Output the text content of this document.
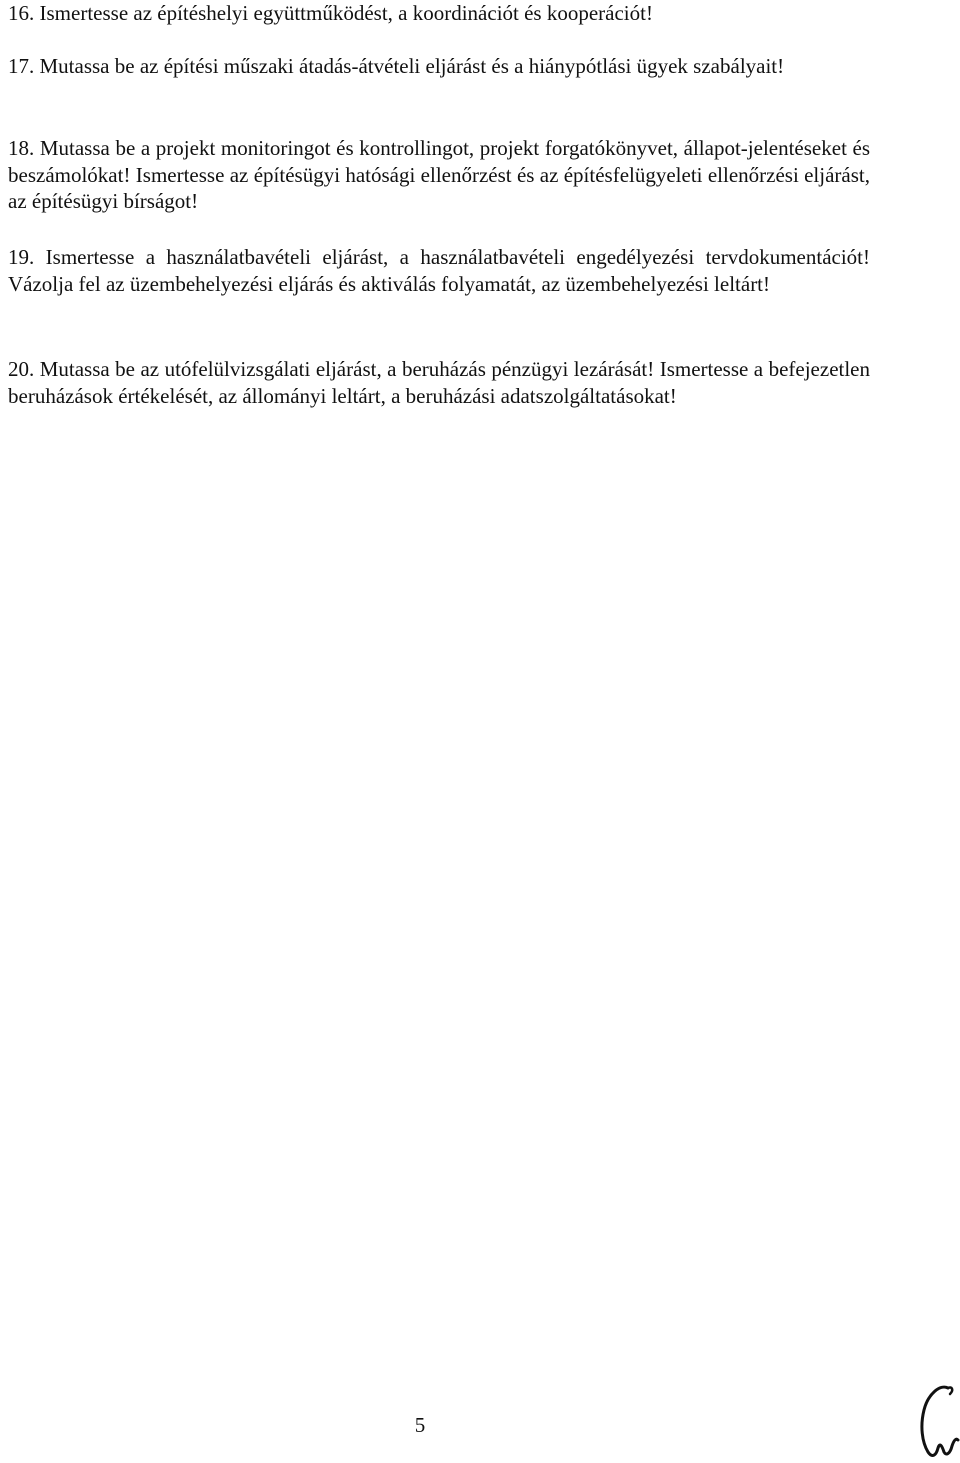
16. Ismertesse az építéshelyi együttműködést, a koordinációt és kooperációt!

17. Mutassa be az építési műszaki átadás-átvételi eljárást és a hiánypótlási ügyek szabályait!

18. Mutassa be a projekt monitoringot és kontrollingot, projekt forgatókönyvet, állapot-jelentéseket és beszámolókat! Ismertesse az építésügyi hatósági ellenőrzést és az építésfelügyeleti ellenőrzési eljárást, az építésügyi bírságot!

19. Ismertesse a használatbavételi eljárást, a használatbavételi engedélyezési tervdokumentációt! Vázolja fel az üzembehelyezési eljárás és aktiválás folyamatát, az üzembehelyezési leltárt!

20. Mutassa be az utófelülvizsgálati eljárást, a beruházás pénzügyi lezárását! Ismertesse a befejezetlen beruházások értékelését, az állományi leltárt, a beruházási adatszolgáltatásokat!

5
